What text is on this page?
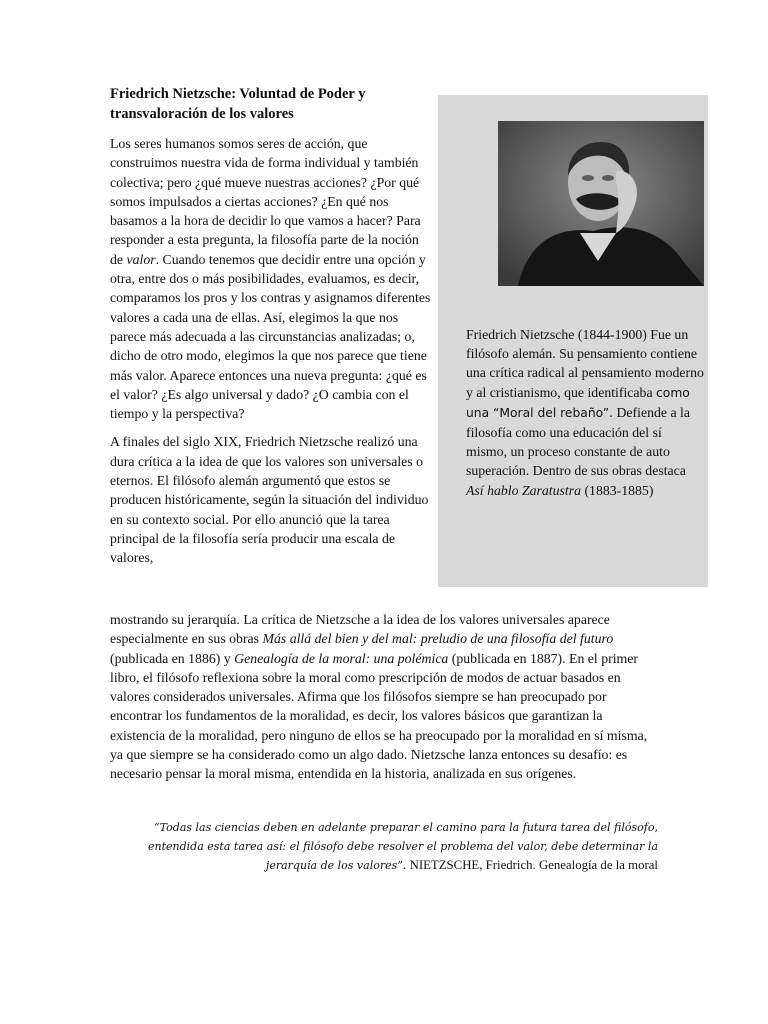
Friedrich Nietzsche: Voluntad de Poder y transvaloración de los valores
Friedrich Nietzsche (1844-1900) Fue un filósofo alemán. Su pensamiento contiene una crítica radical al pensamiento moderno y al cristianismo, que identificaba como una “Moral del rebaño”. Defiende a la filosofía como una educación del sí mismo, un proceso constante de auto superación. Dentro de sus obras destaca Así hablo Zaratustra (1883-1885)

Los seres humanos somos seres de acción, que construimos nuestra vida de forma individual y también colectiva; pero ¿qué mueve nuestras acciones? ¿Por qué somos impulsados a ciertas acciones? ¿En qué nos basamos a la hora de decidir lo que vamos a hacer? Para responder a esta pregunta, la filosofía parte de la noción de valor. Cuando tenemos que decidir entre una opción y otra, entre dos o más posibilidades, evaluamos, es decir, comparamos los pros y los contras y asignamos diferentes valores a cada una de ellas. Así, elegimos la que nos parece más adecuada a las circunstancias analizadas; o, dicho de otro modo, elegimos la que nos parece que tiene más valor. Aparece entonces una nueva pregunta: ¿qué es el valor? ¿Es algo universal y dado? ¿O cambia con el tiempo y la perspectiva?

A finales del siglo XIX, Friedrich Nietzsche realizó una dura crítica a la idea de que los valores son universales o eternos. El filósofo alemán argumentó que estos se producen históricamente, según la situación del individuo en su contexto social. Por ello anunció que la tarea principal de la filosofía sería producir una escala de valores,

mostrando su jerarquía. La crítica de Nietzsche a la idea de los valores universales aparece especialmente en sus obras Más allá del bien y del mal: preludio de una filosofía del futuro (publicada en 1886) y Genealogía de la moral: una polémica (publicada en 1887). En el primer libro, el filósofo reflexiona sobre la moral como prescripción de modos de actuar basados en valores considerados universales. Afirma que los filósofos siempre se han preocupado por encontrar los fundamentos de la moralidad, es decir, los valores básicos que garantizan la existencia de la moralidad, pero ninguno de ellos se ha preocupado por la moralidad en sí misma, ya que siempre se ha considerado como un algo dado. Nietzsche lanza entonces su desafío: es necesario pensar la moral misma, entendida en la historia, analizada en sus orígenes.
“Todas las ciencias deben en adelante preparar el camino para la futura tarea del filósofo, entendida esta tarea así: el filósofo debe resolver el problema del valor, debe determinar la jerarquía de los valores”. NIETZSCHE, Friedrich. Genealogía de la moral
